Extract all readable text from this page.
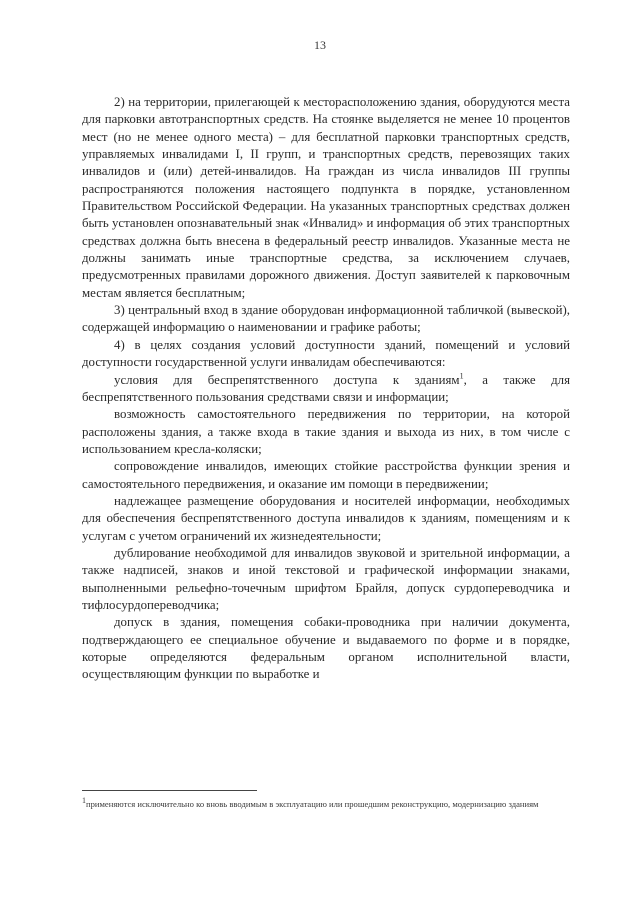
13

2) на территории, прилегающей к месторасположению здания, оборудуются места для парковки автотранспортных средств. На стоянке выделяется не менее 10 процентов мест (но не менее одного места) – для бесплатной парковки транспортных средств, управляемых инвалидами I, II групп, и транспортных средств, перевозящих таких инвалидов и (или) детей-инвалидов. На граждан из числа инвалидов III группы распространяются положения настоящего подпункта в порядке, установленном Правительством Российской Федерации. На указанных транспортных средствах должен быть установлен опознавательный знак «Инвалид» и информация об этих транспортных средствах должна быть внесена в федеральный реестр инвалидов. Указанные места не должны занимать иные транспортные средства, за исключением случаев, предусмотренных правилами дорожного движения. Доступ заявителей к парковочным местам является бесплатным;

3) центральный вход в здание оборудован информационной табличкой (вывеской), содержащей информацию о наименовании и графике работы;

4) в целях создания условий доступности зданий, помещений и условий доступности государственной услуги инвалидам обеспечиваются:

условия для беспрепятственного доступа к зданиям$^1$, а также для беспрепятственного пользования средствами связи и информации;

возможность самостоятельного передвижения по территории, на которой расположены здания, а также входа в такие здания и выхода из них, в том числе с использованием кресла-коляски;

сопровождение инвалидов, имеющих стойкие расстройства функции зрения и самостоятельного передвижения, и оказание им помощи в передвижении;

надлежащее размещение оборудования и носителей информации, необходимых для обеспечения беспрепятственного доступа инвалидов к зданиям, помещениям и к услугам с учетом ограничений их жизнедеятельности;

дублирование необходимой для инвалидов звуковой и зрительной информации, а также надписей, знаков и иной текстовой и графической информации знаками, выполненными рельефно-точечным шрифтом Брайля, допуск сурдопереводчика и тифлосурдопереводчика;

допуск в здания, помещения собаки-проводника при наличии документа, подтверждающего ее специальное обучение и выдаваемого по форме и в порядке, которые определяются федеральным органом исполнительной власти, осуществляющим функции по выработке и

$^1$применяются исключительно ко вновь вводимым в эксплуатацию или прошедшим реконструкцию, модернизацию зданиям
